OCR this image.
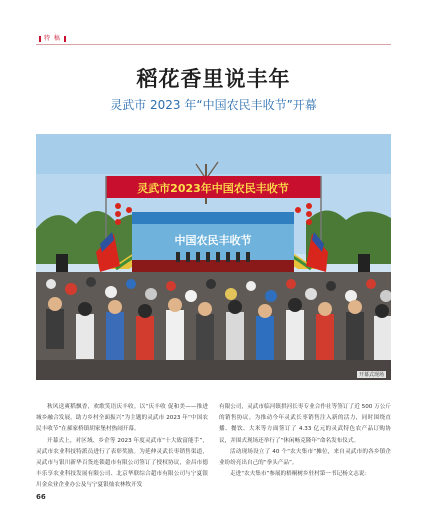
特 稿
稻花香里说丰年
灵武市 2023 年“中国农民丰收节”开幕
灵武市2023年中国农民丰收节
中国农民丰收节
开幕式现场

秋风送爽稻飘香，欢歌笑语庆丰收。以“庆丰收 促和美——推进城乡融合发展，助力乡村全面振兴”为主题的灵武市 2023 年“中国农民丰收节”在郝家桥镇胡家堡村热闹开幕。

开幕式上，对区域、乡企等 2023 年度灵武市“十大致富能手”，灵武市农业科技特派员进行了表彰奖励。为延伸灵武长枣销售渠道，灵武市与银川新华百货连锁超市有限公司签订了授权协议，金昌市德丰乐享农业科技发展有限公司、北京华联综合超市有限公司与宁夏银川金众业企业办公及与宁夏银灿农林牧开发

有限公司，灵武市临河镇拱河长枣专业合作社等签订了近 500 万公斤的销售协议。为推动今年灵武长枣销售注入新的活力，同时围绕直播、餐饮、大米等方面签订了 4.33 亿元的灵武特色农产品订购协议，并围式现场还举行了“休闲畅克隆年”命名发布仪式。

活动现场设立了 40 个“农夫集市”摊位，来自灵武市的各乡镇企业纷纷亮出自己的“拳头产品”。

走进“农夫集市”参展的梧桐树乡驻村第一书记杨文志说：

66
